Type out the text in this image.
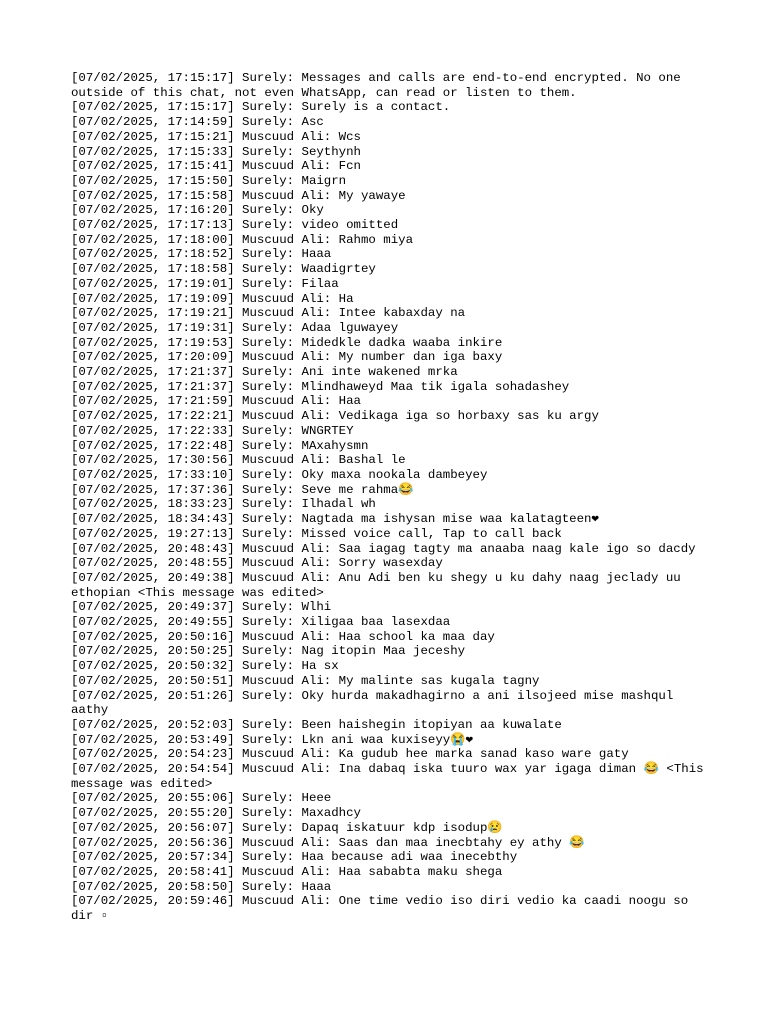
[07/02/2025, 17:15:17] Surely: Messages and calls are end-to-end encrypted. No one outside of this chat, not even WhatsApp, can read or listen to them.
[07/02/2025, 17:15:17] Surely: Surely is a contact.
[07/02/2025, 17:14:59] Surely: Asc
[07/02/2025, 17:15:21] Muscuud Ali: Wcs
[07/02/2025, 17:15:33] Surely: Seythynh
[07/02/2025, 17:15:41] Muscuud Ali: Fcn
[07/02/2025, 17:15:50] Surely: Maigrn
[07/02/2025, 17:15:58] Muscuud Ali: My yawaye
[07/02/2025, 17:16:20] Surely: Oky
[07/02/2025, 17:17:13] Surely: video omitted
[07/02/2025, 17:18:00] Muscuud Ali: Rahmo miya
[07/02/2025, 17:18:52] Surely: Haaa
[07/02/2025, 17:18:58] Surely: Waadigrtey
[07/02/2025, 17:19:01] Surely: Filaa
[07/02/2025, 17:19:09] Muscuud Ali: Ha
[07/02/2025, 17:19:21] Muscuud Ali: Intee kabaxday na
[07/02/2025, 17:19:31] Surely: Adaa lguwayey
[07/02/2025, 17:19:53] Surely: Midedkle dadka waaba inkire
[07/02/2025, 17:20:09] Muscuud Ali: My number dan iga baxy
[07/02/2025, 17:21:37] Surely: Ani inte wakened mrka
[07/02/2025, 17:21:37] Surely: Mlindhaweyd Maa tik igala sohadashey
[07/02/2025, 17:21:59] Muscuud Ali: Haa
[07/02/2025, 17:22:21] Muscuud Ali: Vedikaga iga so horbaxy sas ku argy
[07/02/2025, 17:22:33] Surely: WNGRTEY
[07/02/2025, 17:22:48] Surely: MAxahysmn
[07/02/2025, 17:30:56] Muscuud Ali: Bashal le
[07/02/2025, 17:33:10] Surely: Oky maxa nookala dambeyey
[07/02/2025, 17:37:36] Surely: Seve me rahma😂
[07/02/2025, 18:33:23] Surely: Ilhadal wh
[07/02/2025, 18:34:43] Surely: Nagtada ma ishysan mise waa kalatagteen❤
[07/02/2025, 19:27:13] Surely: Missed voice call, Tap to call back
[07/02/2025, 20:48:43] Muscuud Ali: Saa iagag tagty ma anaaba naag kale igo so dacdy
[07/02/2025, 20:48:55] Muscuud Ali: Sorry wasexday
[07/02/2025, 20:49:38] Muscuud Ali: Anu Adi ben ku shegy u ku dahy naag jeclady uu ethopian <This message was edited>
[07/02/2025, 20:49:37] Surely: Wlhi
[07/02/2025, 20:49:55] Surely: Xiligaa baa lasexdaa
[07/02/2025, 20:50:16] Muscuud Ali: Haa school ka maa day
[07/02/2025, 20:50:25] Surely: Nag itopin Maa jeceshy
[07/02/2025, 20:50:32] Surely: Ha sx
[07/02/2025, 20:50:51] Muscuud Ali: My malinte sas kugala tagny
[07/02/2025, 20:51:26] Surely: Oky hurda makadhagirno a ani ilsojeed mise mashqul aathy
[07/02/2025, 20:52:03] Surely: Been haishegin itopiyan aa kuwalate
[07/02/2025, 20:53:49] Surely: Lkn ani waa kuxiseyy😭❤
[07/02/2025, 20:54:23] Muscuud Ali: Ka gudub hee marka sanad kaso ware gaty
[07/02/2025, 20:54:54] Muscuud Ali: Ina dabaq iska tuuro wax yar igaga diman 😂 <This message was edited>
[07/02/2025, 20:55:06] Surely: Heee
[07/02/2025, 20:55:20] Surely: Maxadhcy
[07/02/2025, 20:56:07] Surely: Dapaq iskatuur kdp isodup😢
[07/02/2025, 20:56:36] Muscuud Ali: Saas dan maa inecbtahy ey athy 😂
[07/02/2025, 20:57:34] Surely: Haa because adi waa inecebthy
[07/02/2025, 20:58:41] Muscuud Ali: Haa sababta maku shega
[07/02/2025, 20:58:50] Surely: Haaa
[07/02/2025, 20:59:46] Muscuud Ali: One time vedio iso diri vedio ka caadi noogu so dir ▫
